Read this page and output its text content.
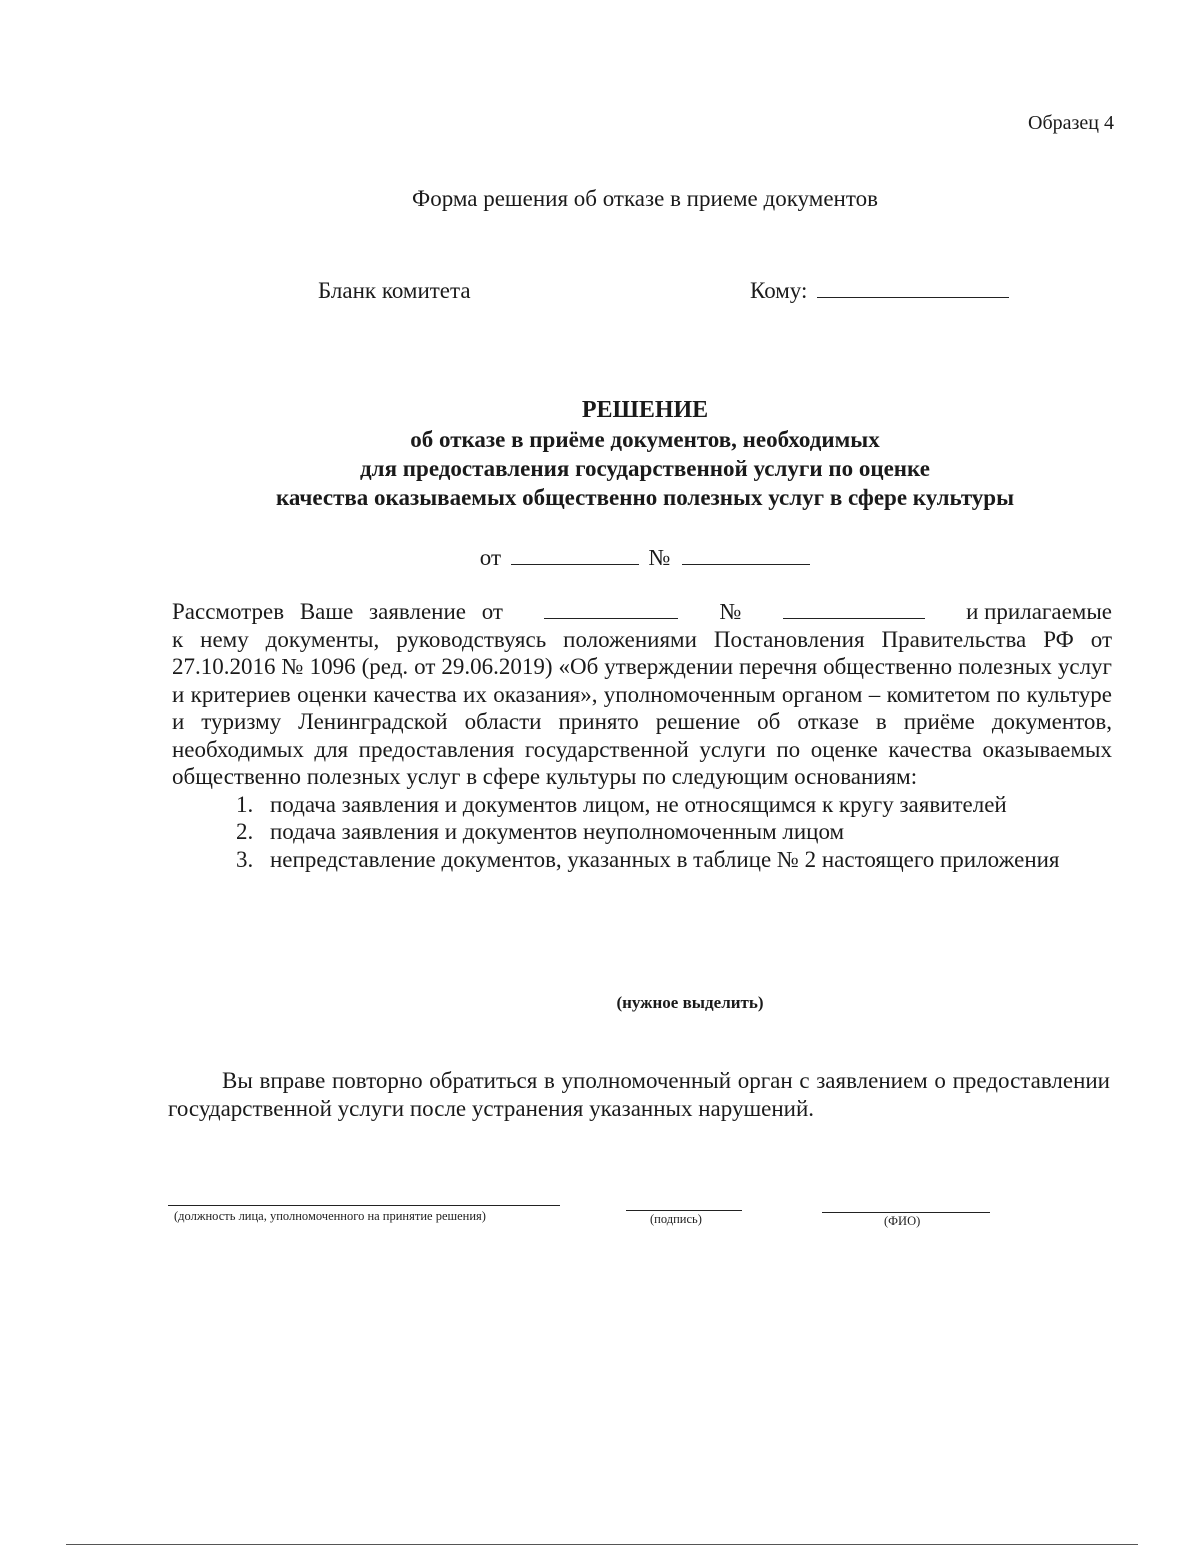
Образец 4
Форма решения об отказе в приеме документов
Бланк комитета	Кому:
РЕШЕНИЕ
об отказе в приёме документов, необходимых
для предоставления государственной услуги по оценке
качества оказываемых общественно полезных услуг в сфере культуры
от	№
Рассмотрев Ваше заявление от	№	и прилагаемые

к нему документы, руководствуясь положениями Постановления Правительства РФ от 27.10.2016 № 1096 (ред. от 29.06.2019) «Об утверждении перечня общественно полезных услуг и критериев оценки качества их оказания», уполномоченным органом – комитетом по культуре и туризму Ленинградской области принято решение об отказе в приёме документов, необходимых для предоставления государственной услуги по оценке качества оказываемых общественно полезных услуг в сфере культуры по следующим основаниям:

1. подача заявления и документов лицом, не относящимся к кругу заявителей
2. подача заявления и документов неуполномоченным лицом
3. непредставление документов, указанных в таблице № 2 настоящего приложения
(нужное выделить)
Вы вправе повторно обратиться в уполномоченный орган с заявлением о предоставлении государственной услуги после устранения указанных нарушений.
(должность лица, уполномоченного на принятие решения)	(подпись)	(ФИО)
